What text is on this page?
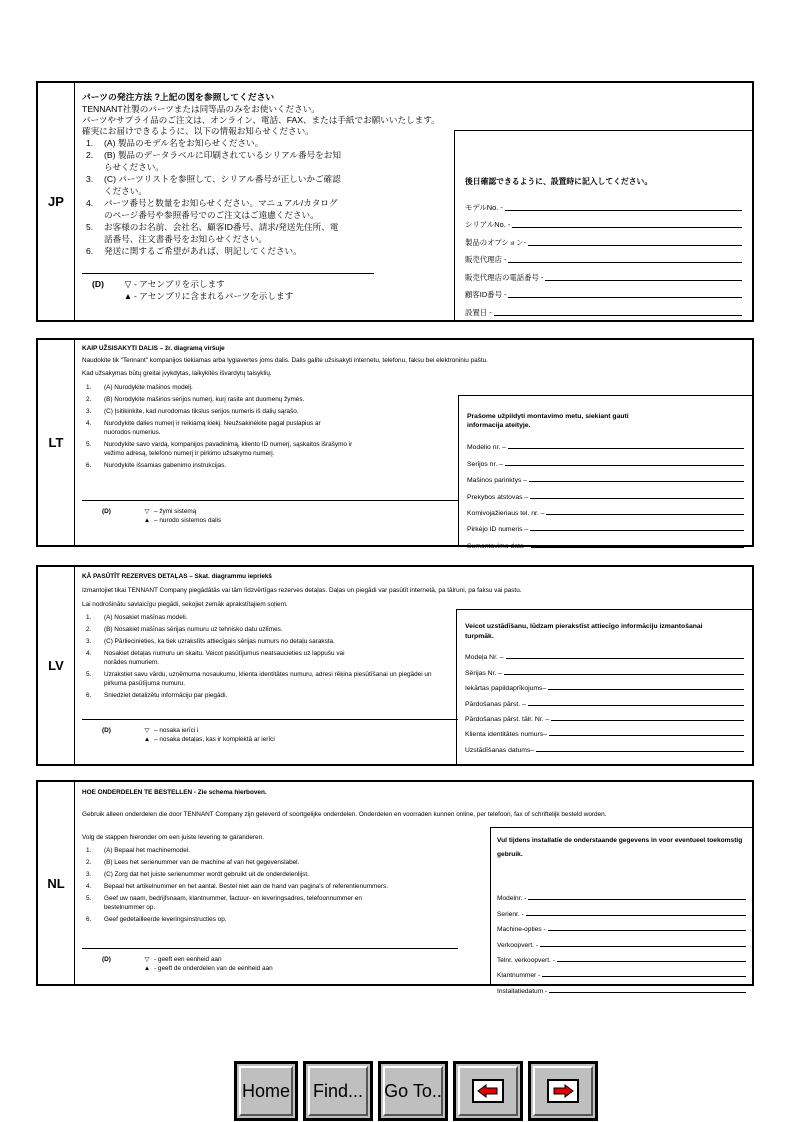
JP
パーツの発注方法 ?上記の図を参照してください
TENNANT社製のパーツまたは同等品のみをお使いください。
パーツやサプライ品のご注文は、オンライン、電話、FAX、または手紙でお願いいたします。
確実にお届けできるように、以下の情報お知らせください。
1. (A) 製品のモデル名をお知らせください。
2. (B) 製品のデータラベルに印刷されているシリアル番号をお知らせください。
3. (C) パーツリストを参照して、シリアル番号が正しいかご確認ください。
4. パーツ番号と数量をお知らせください。マニュアル/カタログのページ番号や参照番号でのご注文はご遠慮ください。
5. お客様のお名前、会社名、顧客ID番号、請求/発送先住所、電話番号、注文書番号をお知らせください。
6. 発送に関するご希望があれば、明記してください。
(D) ▽ - アセンブリを示します
▲ - アセンブリに含まれるパーツを示します
後日確認できるように、設置時に記入してください。
モデルNo. -
シリアルNo. -
製品のオプション-
販売代理店 -
販売代理店の電話番号 -
顧客ID番号 -
設置日 -
LT
KAIP UŽSISAKYTI DALIS – žr. diagramą viršuje
Naudokite tik "Tennant" kompanijos tiekiamas arba lygiavertes joms dalis. Dalis galite užsisakyti internetu, telefonu, faksu bei elektroniniu paštu.
Kad užsakymas būtų greitai įvykdytas, laikykitės išvardytų taisyklių.
1. (A) Nurodykite mašinos modelį.
2. (B) Norodykite mašinos serijos numerį, kurį rasite ant duomenų žymės.
3. (C) Įsitikinkite, kad nurodomas tikslus serijos numeris iš dalių sąrašo.
4. Nurodykite dalies numerį ir reikiamą kiekį. Neužsakinėkite pagal puslapius ar nuorodos numerius.
5. Nurodykite savo vardą, kompanijos pavadinimą, kliento ID numerį, sąskaitos išrašymo ir vežimo adresą, telefono numerį ir pirkimo užsakymo numerį.
6. Nurodykite išsamias gabenimo instrukcijas.
(D)	▽ – žymi sistemą
▲ – nurodo sistemos dalis
Prašome užpildyti montavimo metu, siekiant gauti informacija ateityje.
Modelio nr. –
Serijos nr. –
Mašinos parinktys –
Prekybos atstovas –
Komivojažieriaus tel. nr. –
Pirkėjo ID numeris –
Sumontavimo data –
LV
KĀ PASŪTĪT REZERVES DETAĻAS – Skat. diagrammu iepriekš
Izmantojiet tikai TENNANT Company piegādātās vai tām līdzvērtīgas rezerves detaļas. Daļas un piegādi var pasūtīt internetā, pa tālruni, pa faksu vai pastu.
Lai nodrošinātu savlaicīgu piegādi, sekojiet zemāk aprakstītajiem soļiem.
1. (A) Nosakiet mašīnas modeli.
2. (B) Nosakiet mašīnas sērijas numuru uz tehnisko datu uzlīmes.
3. (C) Pārliecinieties, ka tiek uzrakstīts attiecīgais sērijas numurs no detaļu saraksta.
4. Nosakiet detaļas numuru un skaitu. Veicot pasūtījumus neatsaucieties uz lappušu vai norādes numuriem.
5. Uzrakstiet savu vārdu, uzņēmuma nosaukumu, klienta identitātes numuru, adresi rēķina piesūtīšanai un piegādei un pirkuma pasūtījuma numuru.
6. Sniedziet detalizētu informāciju par piegādi.
(D)	▽ – nosaka ierīci i
▲ – nosaka detaļas, kas ir komplektā ar ierīci
Veicot uzstādīšanu, lūdzam pierakstīst attiecīgo informāciju izmantošanai turpmāk.
Modeļa Nr. –
Sērijas Nr. –
Iekārtas papildaprīkojums–
Pārdošanas pārst. –
Pārdošanas pārst. tālr. Nr. –
Klienta identitātes numurs–
Uzstādīšanas datums–
NL
HOE ONDERDELEN TE BESTELLEN - Zie schema hierboven.
Gebruik alleen onderdelen die door TENNANT Company zijn geleverd of soortgelijke onderdelen. Onderdelen en voorraden kunnen online, per telefoon, fax of schriftelijk besteld worden.
Volg de stappen hieronder om een juiste levering te garanderen.
1. (A) Bepaal het machinemodel.
2. (B) Lees het serienummer van de machine af van het gegevenslabel.
3. (C) Zorg dat het juiste serienummer wordt gebruikt uit de onderdelenlijst.
4. Bepaal het artikelnummer en het aantal. Bestel niet aan de hand van pagina's of referentienummers.
5. Geef uw naam, bedrijfsnaam, klantnummer, factuur- en leveringsadres, telefoonnummer en bestelnummer op.
6. Geef gedetailleerde leveringsinstructies op.
(D)	▽ - geeft een eenheid aan
▲ - geeft de onderdelen van de eenheid aan
Vul tijdens installatie de onderstaande gegevens in voor eventueel toekomstig gebruik.
Modelnr. -
Serienr. -
Machine-opties -
Verkoopvert. -
Telnr. verkoopvert. -
Klantnummer -
Installatiedatum -
Home Find... Go To..
